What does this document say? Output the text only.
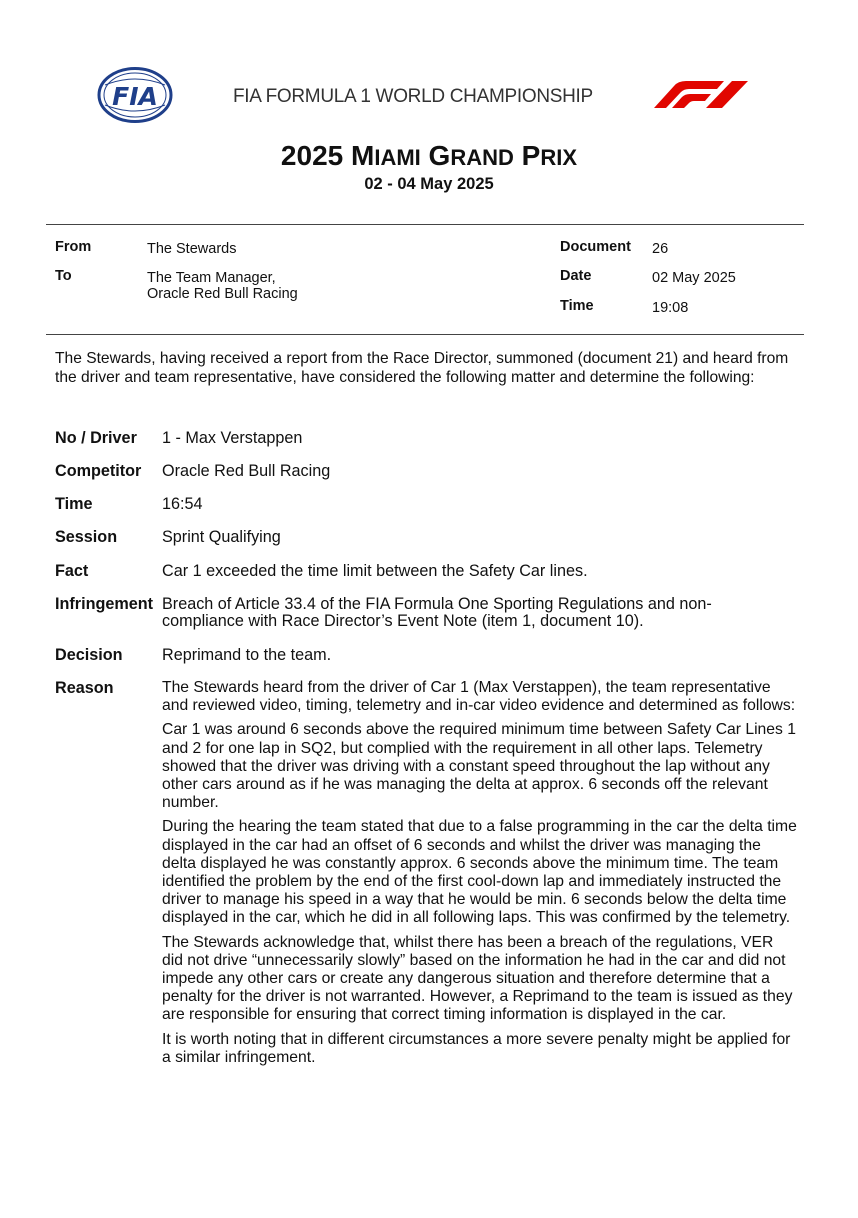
FIA	FIA FORMULA 1 WORLD CHAMPIONSHIP
F1
2025 MIAMI GRAND PRIX
02 - 04 May 2025
From	The Stewards
To	The Team Manager,
Oracle Red Bull Racing
Document 26
Date	02 May 2025
Time	19:08
The Stewards, having received a report from the Race Director, summoned (document 21) and heard from the driver and team representative, have considered the following matter and determine the following:
No / Driver 1 - Max Verstappen
Competitor Oracle Red Bull Racing
Time	16:54
Session	Sprint Qualifying
Fact	Car 1 exceeded the time limit between the Safety Car lines.
Infringement Breach of Article 33.4 of the FIA Formula One Sporting Regulations and non-compliance with Race Director’s Event Note (item 1, document 10).
Decision Reprimand to the team.
Reason	The Stewards heard from the driver of Car 1 (Max Verstappen), the team representative and reviewed video, timing, telemetry and in-car video evidence and determined as follows:

Car 1 was around 6 seconds above the required minimum time between Safety Car Lines 1 and 2 for one lap in SQ2, but complied with the requirement in all other laps. Telemetry showed that the driver was driving with a constant speed throughout the lap without any other cars around as if he was managing the delta at approx. 6 seconds off the relevant number.

During the hearing the team stated that due to a false programming in the car the delta time displayed in the car had an offset of 6 seconds and whilst the driver was managing the delta displayed he was constantly approx. 6 seconds above the minimum time. The team identified the problem by the end of the first cool-down lap and immediately instructed the driver to manage his speed in a way that he would be min. 6 seconds below the delta time displayed in the car, which he did in all following laps. This was confirmed by the telemetry.

The Stewards acknowledge that, whilst there has been a breach of the regulations, VER did not drive “unnecessarily slowly” based on the information he had in the car and did not impede any other cars or create any dangerous situation and therefore determine that a penalty for the driver is not warranted. However, a Reprimand to the team is issued as they are responsible for ensuring that correct timing information is displayed in the car.

It is worth noting that in different circumstances a more severe penalty might be applied for a similar infringement.
